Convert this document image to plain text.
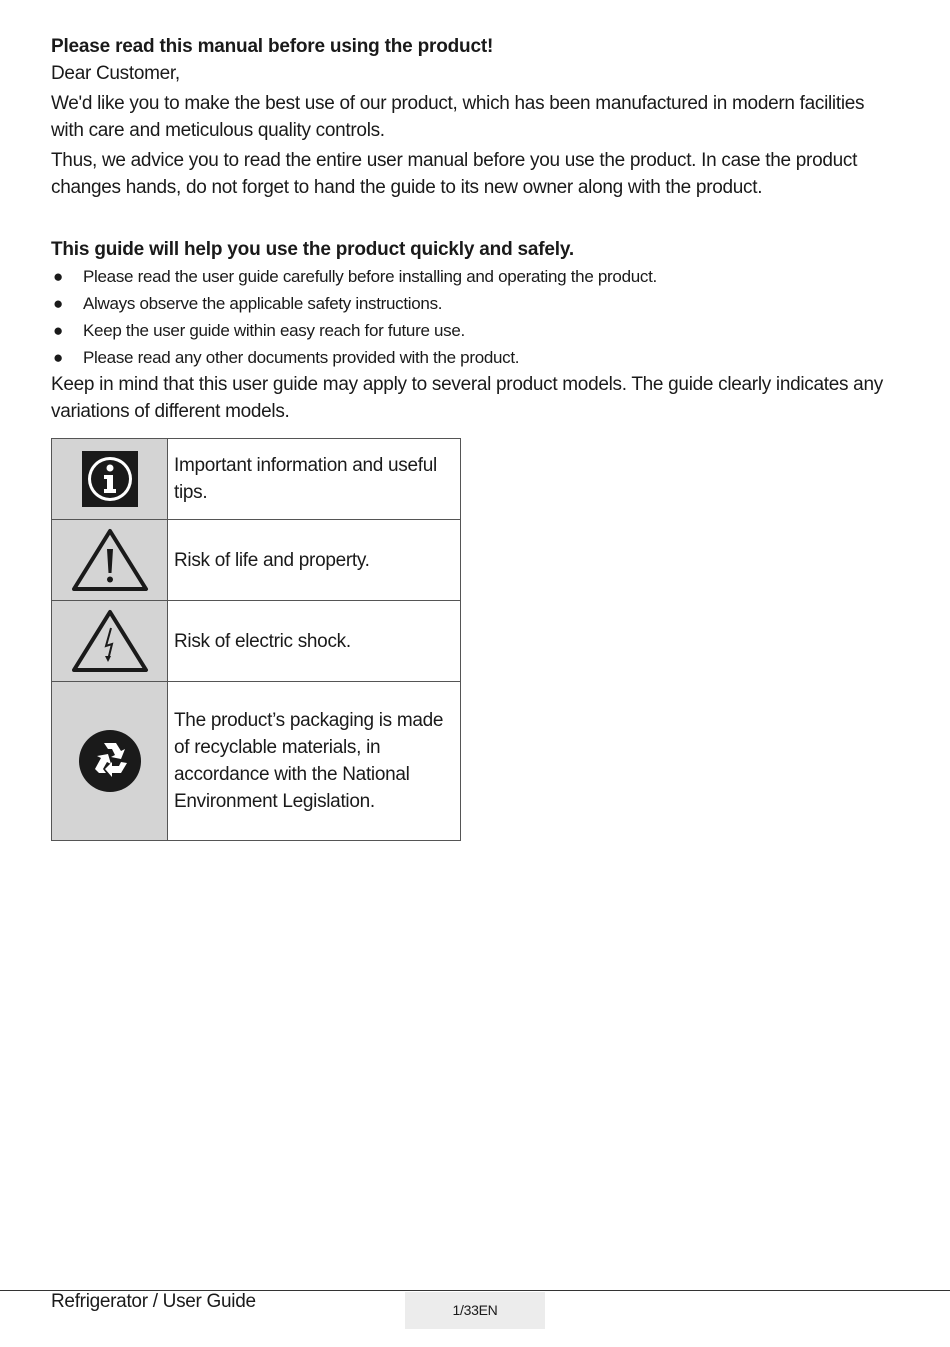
Please read this manual before using the product!

Dear Customer,

We'd like you to make the best use of our product, which has been manufactured in modern facilities with care and meticulous quality controls.

Thus, we advice you to read the entire user manual before you use the product. In case the product changes hands, do not forget to hand the guide to its new owner along with the product.

This guide will help you use the product quickly and safely.

● Please read the user guide carefully before installing and operating the product.
● Always observe the applicable safety instructions.
● Keep the user guide within easy reach for future use.
● Please read any other documents provided with the product.

Keep in mind that this user guide may apply to several product models. The guide clearly indicates any variations of different models.

	Important information and useful tips.

	Risk of life and property.

	Risk of electric shock.

	The product’s packaging is made of recyclable materials, in accordance with the National Environment Legislation.
Refrigerator / User Guide	1/33EN
